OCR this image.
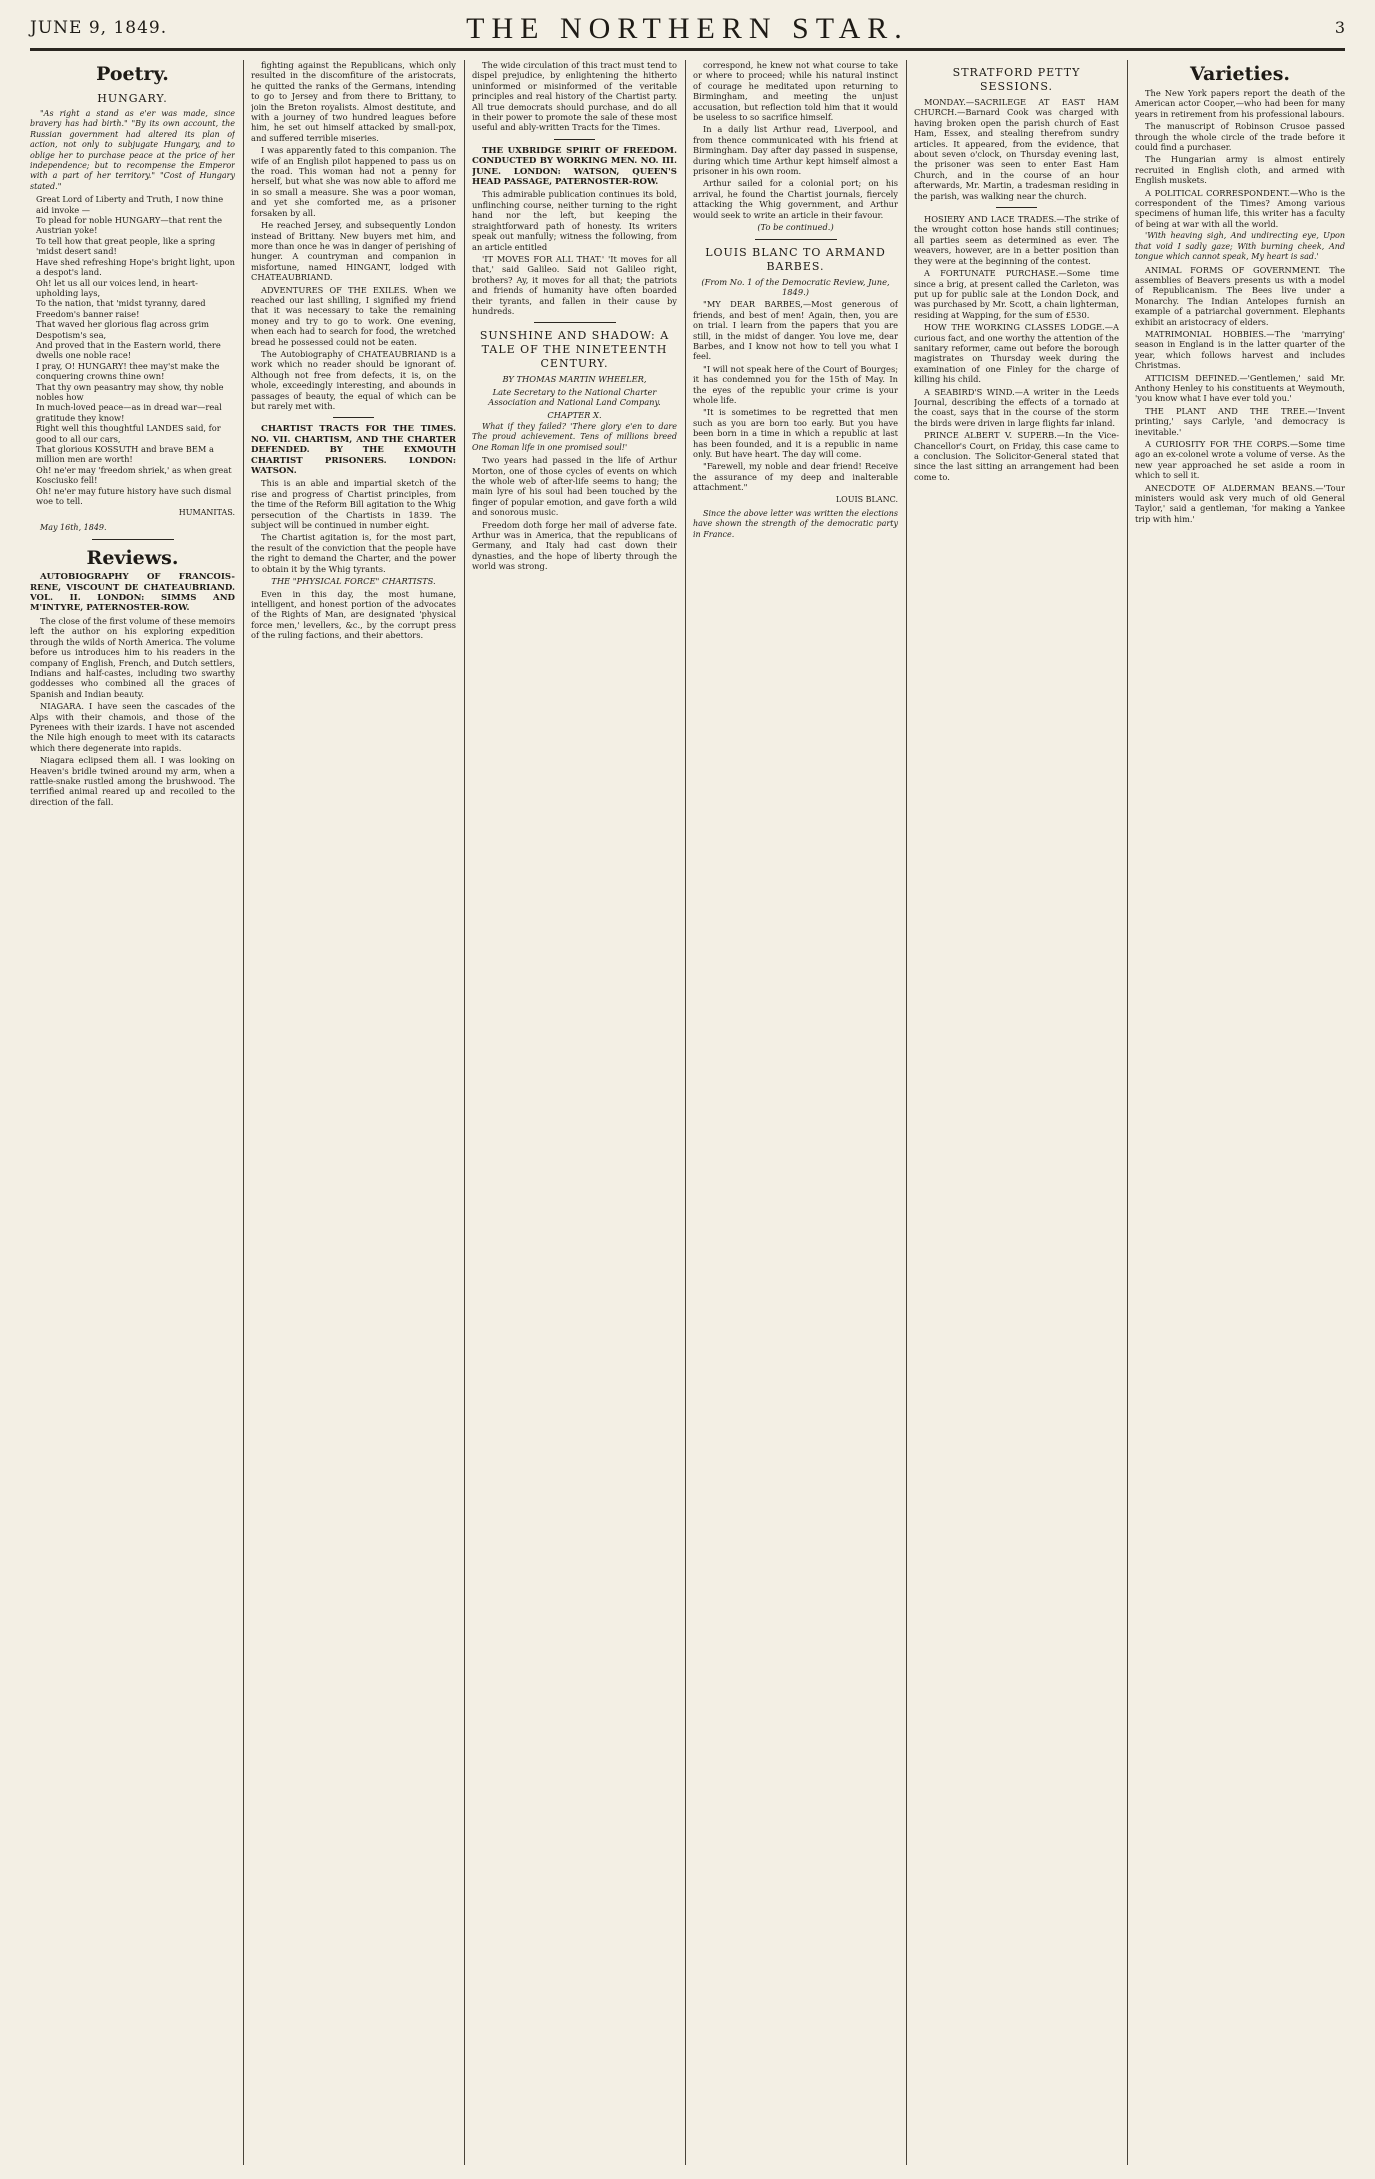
JUNE 9, 1849.	THE NORTHERN STAR.	3
Poetry.
HUNGARY.

"As right a stand as e'er was made, since bravery has had birth." "By its own account, the Russian government had altered its plan of action, not only to subjugate Hungary, and to oblige her to purchase peace at the price of her independence; but to recompense the Emperor with a part of her territory." "Cost of Hungary stated."

Great Lord of Liberty and Truth, I now thine aid invoke —

To plead for noble HUNGARY—that rent the Austrian yoke!

To tell how that great people, like a spring 'midst desert sand!

Have shed refreshing Hope's bright light, upon a despot's land.

Oh! let us all our voices lend, in heart-upholding lays,

To the nation, that 'midst tyranny, dared Freedom's banner raise!

That waved her glorious flag across grim Despotism's sea,

And proved that in the Eastern world, there dwells one noble race!

I pray, O! HUNGARY! thee may'st make the conquering crowns thine own!

That thy own peasantry may show, thy noble nobles how

In much-loved peace—as in dread war—real gratitude they know!

Right well this thoughtful LANDES said, for good to all our cars,

That glorious KOSSUTH and brave BEM a million men are worth!

Oh! ne'er may 'freedom shriek,' as when great Kosciusko fell!

Oh! ne'er may future history have such dismal woe to tell.

HUMANITAS.

May 16th, 1849.

Reviews.

AUTOBIOGRAPHY OF FRANCOIS-RENE, VISCOUNT DE CHATEAUBRIAND. VOL. II. LONDON: SIMMS AND M'INTYRE, PATERNOSTER-ROW.

The close of the first volume of these memoirs left the author on his exploring expedition through the wilds of North America. The volume before us introduces him to his readers in the company of English, French, and Dutch settlers, Indians and half-castes, including two swarthy goddesses who combined all the graces of Spanish and Indian beauty.

NIAGARA. I have seen the cascades of the Alps with their chamois, and those of the Pyrenees with their izards. I have not ascended the Nile high enough to meet with its cataracts which there degenerate into rapids.

Niagara eclipsed them all. I was looking on Heaven's bridle twined around my arm, when a rattle-snake rustled among the brushwood. The terrified animal reared up and recoiled to the direction of the fall.

fighting against the Republicans, which only resulted in the discomfiture of the aristocrats, he quitted the ranks of the Germans, intending to go to Jersey and from there to Brittany, to join the Breton royalists. Almost destitute, and with a journey of two hundred leagues before him, he set out himself attacked by small-pox, and suffered terrible miseries.

I was apparently fated to this companion. The wife of an English pilot happened to pass us on the road. This woman had not a penny for herself, but what she was now able to afford me in so small a measure. She was a poor woman, and yet she comforted me, as a prisoner forsaken by all.

He reached Jersey, and subsequently London instead of Brittany. New buyers met him, and more than once he was in danger of perishing of hunger. A countryman and companion in misfortune, named HINGANT, lodged with CHATEAUBRIAND.

ADVENTURES OF THE EXILES. When we reached our last shilling, I signified my friend that it was necessary to take the remaining money and try to go to work. One evening, when each had to search for food, the wretched bread he possessed could not be eaten.

The Autobiography of CHATEAUBRIAND is a work which no reader should be ignorant of. Although not free from defects, it is, on the whole, exceedingly interesting, and abounds in passages of beauty, the equal of which can be but rarely met with.

CHARTIST TRACTS FOR THE TIMES. NO. VII. CHARTISM, AND THE CHARTER DEFENDED. BY THE EXMOUTH CHARTIST PRISONERS. LONDON: WATSON.

This is an able and impartial sketch of the rise and progress of Chartist principles, from the time of the Reform Bill agitation to the Whig persecution of the Chartists in 1839. The subject will be continued in number eight.

The Chartist agitation is, for the most part, the result of the conviction that the people have the right to demand the Charter, and the power to obtain it by the Whig tyrants.

THE "PHYSICAL FORCE" CHARTISTS.

Even in this day, the most humane, intelligent, and honest portion of the advocates of the Rights of Man, are designated 'physical force men,' levellers, &c., by the corrupt press of the ruling factions, and their abettors.

The wide circulation of this tract must tend to dispel prejudice, by enlightening the hitherto uninformed or misinformed of the veritable principles and real history of the Chartist party. All true democrats should purchase, and do all in their power to promote the sale of these most useful and ably-written Tracts for the Times.

THE UXBRIDGE SPIRIT OF FREEDOM. CONDUCTED BY WORKING MEN. NO. III. JUNE. LONDON: WATSON, QUEEN'S HEAD PASSAGE, PATERNOSTER-ROW.

This admirable publication continues its bold, unflinching course, neither turning to the right hand nor the left, but keeping the straightforward path of honesty. Its writers speak out manfully; witness the following, from an article entitled

'IT MOVES FOR ALL THAT.' 'It moves for all that,' said Galileo. Said not Galileo right, brothers? Ay, it moves for all that; the patriots and friends of humanity have often boarded their tyrants, and fallen in their cause by hundreds.

SUNSHINE AND SHADOW: A TALE OF THE NINETEENTH CENTURY.
BY THOMAS MARTIN WHEELER,
Late Secretary to the National Charter Association and National Land Company.
CHAPTER X.

What if they failed? 'There glory e'en to dare The proud achievement. Tens of millions breed One Roman life in one promised soul!'

Two years had passed in the life of Arthur Morton, one of those cycles of events on which the whole web of after-life seems to hang; the main lyre of his soul had been touched by the finger of popular emotion, and gave forth a wild and sonorous music.

Freedom doth forge her mail of adverse fate. Arthur was in America, that the republicans of Germany, and Italy had cast down their dynasties, and the hope of liberty through the world was strong.

correspond, he knew not what course to take or where to proceed; while his natural instinct of courage he meditated upon returning to Birmingham, and meeting the unjust accusation, but reflection told him that it would be useless to so sacrifice himself.

In a daily list Arthur read, Liverpool, and from thence communicated with his friend at Birmingham. Day after day passed in suspense, during which time Arthur kept himself almost a prisoner in his own room.

Arthur sailed for a colonial port; on his arrival, he found the Chartist journals, fiercely attacking the Whig government, and Arthur would seek to write an article in their favour.

(To be continued.)
LOUIS BLANC TO ARMAND BARBES.
(From No. 1 of the Democratic Review, June, 1849.)

"MY DEAR BARBES,—Most generous of friends, and best of men! Again, then, you are on trial. I learn from the papers that you are still, in the midst of danger. You love me, dear Barbes, and I know not how to tell you what I feel.

"I will not speak here of the Court of Bourges; it has condemned you for the 15th of May. In the eyes of the republic your crime is your whole life.

"It is sometimes to be regretted that men such as you are born too early. But you have been born in a time in which a republic at last has been founded, and it is a republic in name only. But have heart. The day will come.

"Farewell, my noble and dear friend! Receive the assurance of my deep and inalterable attachment."

LOUIS BLANC.

Since the above letter was written the elections have shown the strength of the democratic party in France.

STRATFORD PETTY SESSIONS.

MONDAY.—SACRILEGE AT EAST HAM CHURCH.—Barnard Cook was charged with having broken open the parish church of East Ham, Essex, and stealing therefrom sundry articles. It appeared, from the evidence, that about seven o'clock, on Thursday evening last, the prisoner was seen to enter East Ham Church, and in the course of an hour afterwards, Mr. Martin, a tradesman residing in the parish, was walking near the church.

HOSIERY AND LACE TRADES.—The strike of the wrought cotton hose hands still continues; all parties seem as determined as ever. The weavers, however, are in a better position than they were at the beginning of the contest.

A FORTUNATE PURCHASE.—Some time since a brig, at present called the Carleton, was put up for public sale at the London Dock, and was purchased by Mr. Scott, a chain lighterman, residing at Wapping, for the sum of £530.

HOW THE WORKING CLASSES LODGE.—A curious fact, and one worthy the attention of the sanitary reformer, came out before the borough magistrates on Thursday week during the examination of one Finley for the charge of killing his child.

A SEABIRD'S WIND.—A writer in the Leeds Journal, describing the effects of a tornado at the coast, says that in the course of the storm the birds were driven in large flights far inland.

PRINCE ALBERT V. SUPERB.—In the Vice-Chancellor's Court, on Friday, this case came to a conclusion. The Solicitor-General stated that since the last sitting an arrangement had been come to.

Varieties.

The New York papers report the death of the American actor Cooper,—who had been for many years in retirement from his professional labours.

The manuscript of Robinson Crusoe passed through the whole circle of the trade before it could find a purchaser.

The Hungarian army is almost entirely recruited in English cloth, and armed with English muskets.

A POLITICAL CORRESPONDENT.—Who is the correspondent of the Times? Among various specimens of human life, this writer has a faculty of being at war with all the world.

'With heaving sigh, And undirecting eye, Upon that void I sadly gaze; With burning cheek, And tongue which cannot speak, My heart is sad.'

ANIMAL FORMS OF GOVERNMENT. The assemblies of Beavers presents us with a model of Republicanism. The Bees live under a Monarchy. The Indian Antelopes furnish an example of a patriarchal government. Elephants exhibit an aristocracy of elders.

MATRIMONIAL HOBBIES.—The 'marrying' season in England is in the latter quarter of the year, which follows harvest and includes Christmas.

ATTICISM DEFINED.—'Gentlemen,' said Mr. Anthony Henley to his constituents at Weymouth, 'you know what I have ever told you.'

THE PLANT AND THE TREE.—'Invent printing,' says Carlyle, 'and democracy is inevitable.'

A CURIOSITY FOR THE CORPS.—Some time ago an ex-colonel wrote a volume of verse. As the new year approached he set aside a room in which to sell it.

ANECDOTE OF ALDERMAN BEANS.—'Tour ministers would ask very much of old General Taylor,' said a gentleman, 'for making a Yankee trip with him.'
